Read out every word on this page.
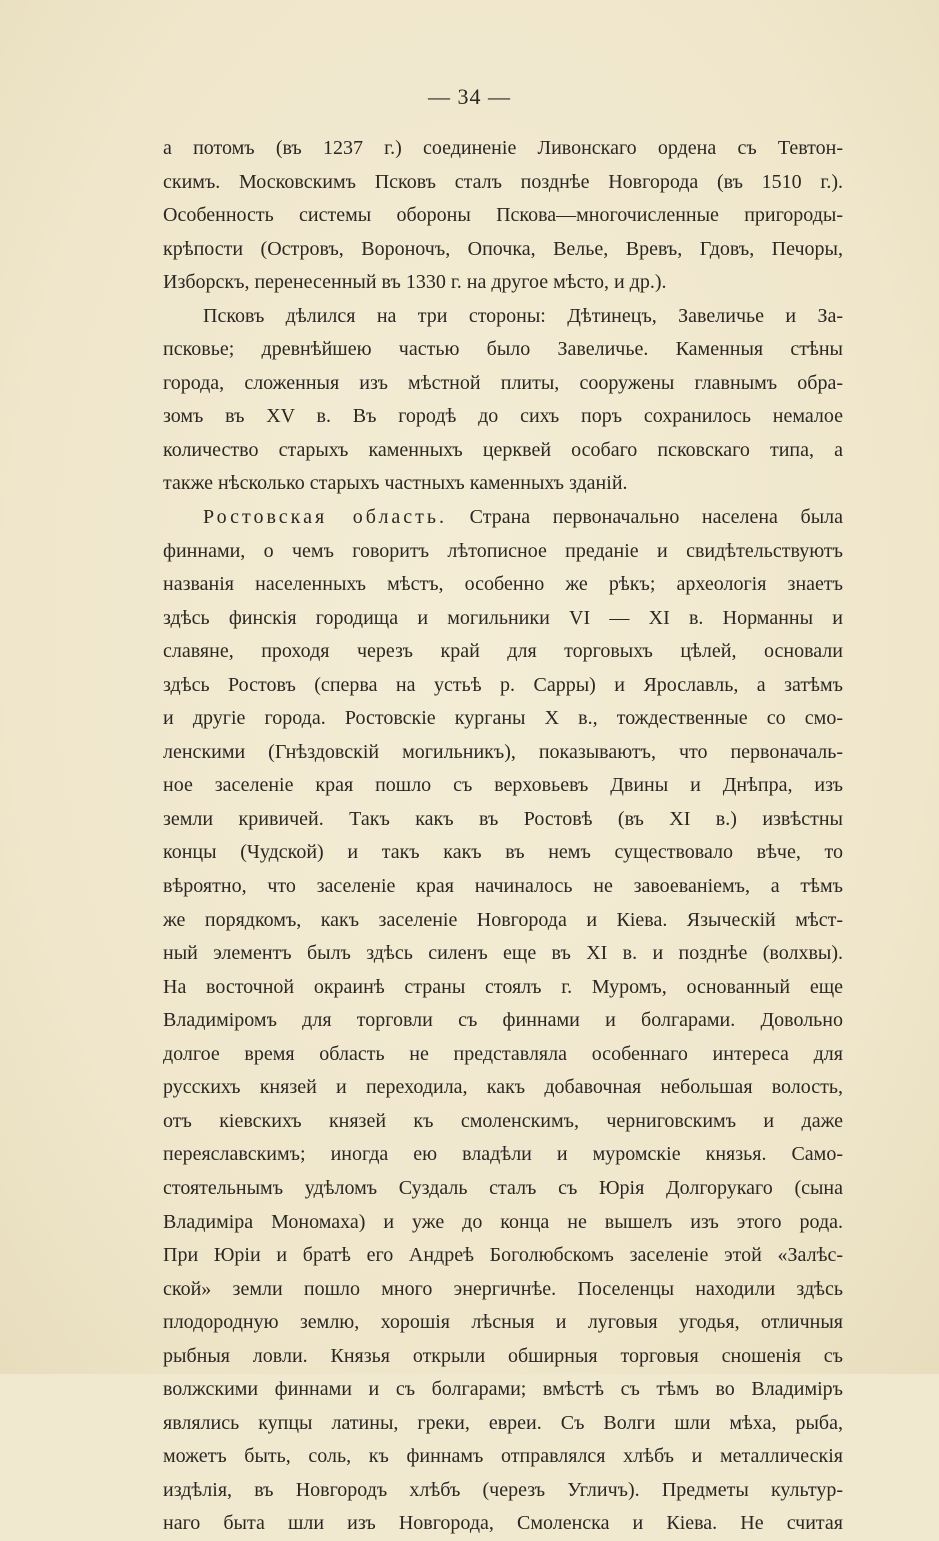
— 34 —
а потомъ (въ 1237 г.) соединенiе Ливонскаго ордена съ Тевтон-
скимъ. Московскимъ Псковъ сталъ позднѣе Новгорода (въ 1510 г.).
Особенность системы обороны Пскова—многочисленные пригороды-
крѣпости (Островъ, Вороночъ, Опочка, Велье, Вревъ, Гдовъ, Печоры,
Изборскъ, перенесенный въ 1330 г. на другое мѣсто, и др.).
Псковъ дѣлился на три стороны: Дѣтинецъ, Завеличье и За-
псковье; древнѣйшею частью было Завеличье. Каменныя стѣны
города, сложенныя изъ мѣстной плиты, сооружены главнымъ обра-
зомъ въ XV в. Въ городѣ до сихъ поръ сохранилось немалое
количество старыхъ каменныхъ церквей особаго псковскаго типа, а
также нѣсколько старыхъ частныхъ каменныхъ зданiй.
Ростовская область. Страна первоначально населена была
финнами, о чемъ говоритъ лѣтописное преданiе и свидѣтельствуютъ
названiя населенныхъ мѣстъ, особенно же рѣкъ; археологiя знаетъ
здѣсь финскiя городища и могильники VI — XI в. Норманны и
славяне, проходя черезъ край для торговыхъ цѣлей, основали
здѣсь Ростовъ (сперва на устьѣ р. Сарры) и Ярославль, а затѣмъ
и другiе города. Ростовскiе курганы X в., тождественные со смо-
ленскими (Гнѣздовскiй могильникъ), показываютъ, что первоначаль-
ное заселенiе края пошло съ верховьевъ Двины и Днѣпра, изъ
земли кривичей. Такъ какъ въ Ростовѣ (въ XI в.) извѣстны
концы (Чудской) и такъ какъ въ немъ существовало вѣче, то
вѣроятно, что заселенiе края начиналось не завоеванiемъ, а тѣмъ
же порядкомъ, какъ заселенiе Новгорода и Кiева. Языческiй мѣст-
ный элементъ былъ здѣсь силенъ еще въ XI в. и позднѣе (волхвы).
На восточной окраинѣ страны стоялъ г. Муромъ, основанный еще
Владимiромъ для торговли съ финнами и болгарами. Довольно
долгое время область не представляла особеннаго интереса для
русскихъ князей и переходила, какъ добавочная небольшая волость,
отъ кiевскихъ князей къ смоленскимъ, черниговскимъ и даже
переяславскимъ; иногда ею владѣли и муромскiе князья. Само-
стоятельнымъ удѣломъ Суздаль сталъ съ Юрiя Долгорукаго (сына
Владимiра Мономаха) и уже до конца не вышелъ изъ этого рода.
При Юрiи и братѣ его Андреѣ Боголюбскомъ заселенiе этой «Залѣс-
ской» земли пошло много энергичнѣе. Поселенцы находили здѣсь
плодородную землю, хорошiя лѣсныя и луговыя угодья, отличныя
рыбныя ловли. Князья открыли обширныя торговыя сношенiя съ
волжскими финнами и съ болгарами; вмѣстѣ съ тѣмъ во Владимiръ
являлись купцы латины, греки, евреи. Съ Волги шли мѣха, рыба,
можетъ быть, соль, къ финнамъ отправлялся хлѣбъ и металлическiя
издѣлiя, въ Новгородъ хлѣбъ (черезъ Угличъ). Предметы культур-
наго быта шли изъ Новгорода, Смоленска и Кiева. Не считая
